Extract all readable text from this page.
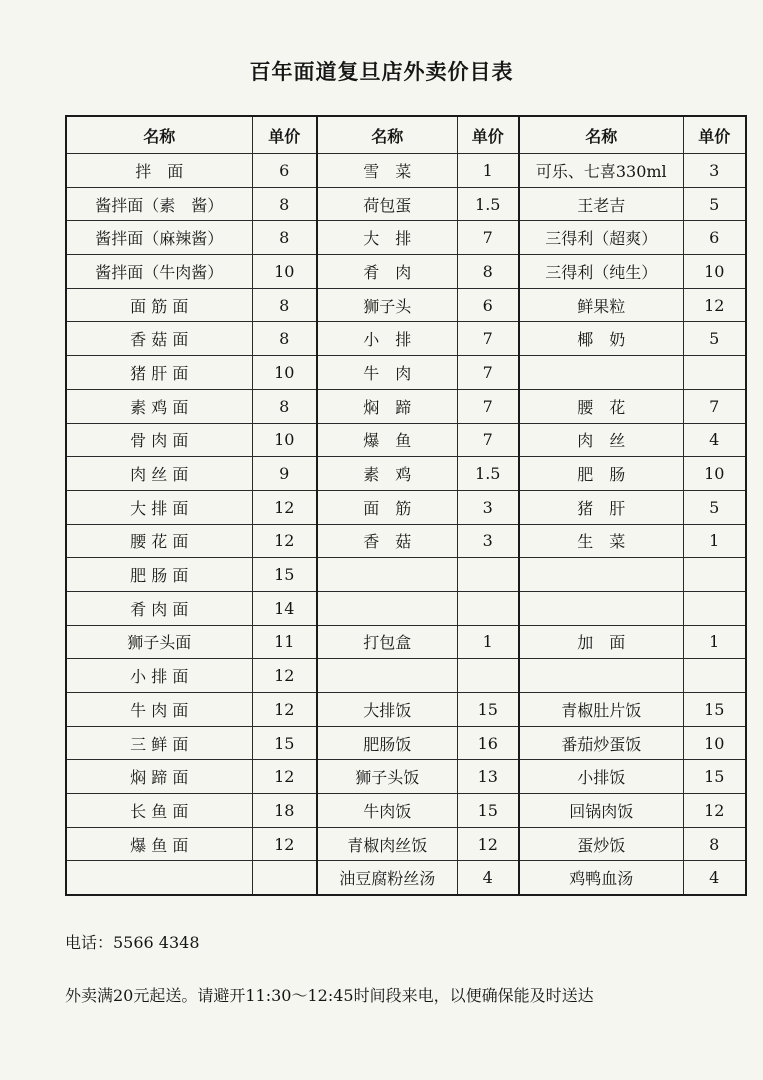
百年面道复旦店外卖价目表
名称	单价	名称	单价	名称	单价
拌　面	6	雪　菜	1	可乐、七喜330ml	3
酱拌面（素　酱）	8	荷包蛋	1.5	王老吉	5
酱拌面（麻辣酱）	8	大　排	7	三得利（超爽）	6
酱拌面（牛肉酱）	10	肴　肉	8	三得利（纯生）	10
面 筋 面	8	狮子头	6	鲜果粒	12
香 菇 面	8	小　排	7	椰　奶	5
猪 肝 面	10	牛　肉	7		
素 鸡 面	8	焖　蹄	7	腰　花	7
骨 肉 面	10	爆　鱼	7	肉　丝	4
肉 丝 面	9	素　鸡	1.5	肥　肠	10
大 排 面	12	面　筋	3	猪　肝	5
腰 花 面	12	香　菇	3	生　菜	1
肥 肠 面	15				
肴 肉 面	14				
狮子头面	11	打包盒	1	加　面	1
小 排 面	12				
牛 肉 面	12	大排饭	15	青椒肚片饭	15
三 鲜 面	15	肥肠饭	16	番茄炒蛋饭	10
焖 蹄 面	12	狮子头饭	13	小排饭	15
长 鱼 面	18	牛肉饭	15	回锅肉饭	12
爆 鱼 面	12	青椒肉丝饭	12	蛋炒饭	8
		油豆腐粉丝汤	4	鸡鸭血汤	4
电话：5566 4348
外卖满20元起送。请避开11:30～12:45时间段来电，以便确保能及时送达
